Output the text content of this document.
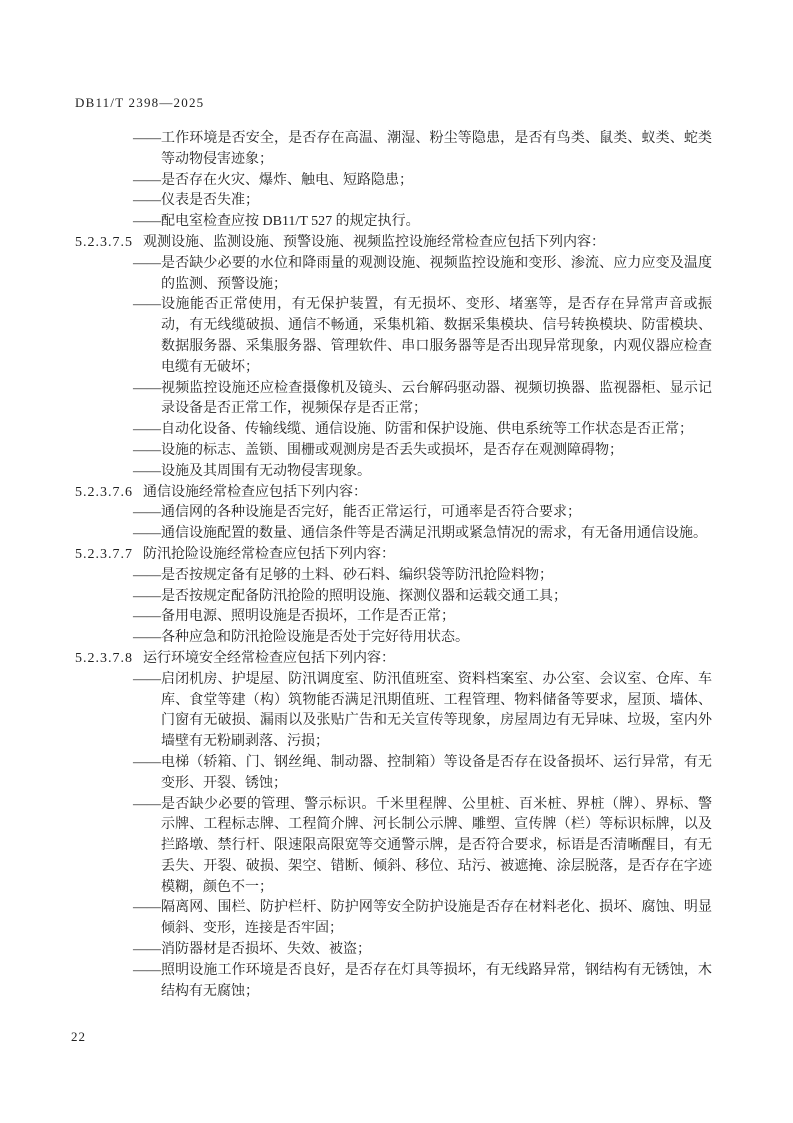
DB11/T 2398—2025
—— 工作环境是否安全，是否存在高温、潮湿、粉尘等隐患，是否有鸟类、鼠类、蚁类、蛇类等动物侵害迹象；
—— 是否存在火灾、爆炸、触电、短路隐患；
—— 仪表是否失准；
—— 配电室检查应按 DB11/T 527 的规定执行。
5.2.3.7.5 观测设施、监测设施、预警设施、视频监控设施经常检查应包括下列内容：
—— 是否缺少必要的水位和降雨量的观测设施、视频监控设施和变形、渗流、应力应变及温度的监测、预警设施；
—— 设施能否正常使用，有无保护装置，有无损坏、变形、堵塞等，是否存在异常声音或振动，有无线缆破损、通信不畅通，采集机箱、数据采集模块、信号转换模块、防雷模块、数据服务器、采集服务器、管理软件、串口服务器等是否出现异常现象，内观仪器应检查电缆有无破坏；
—— 视频监控设施还应检查摄像机及镜头、云台解码驱动器、视频切换器、监视器柜、显示记录设备是否正常工作，视频保存是否正常；
—— 自动化设备、传输线缆、通信设施、防雷和保护设施、供电系统等工作状态是否正常；
—— 设施的标志、盖锁、围栅或观测房是否丢失或损坏，是否存在观测障碍物；
—— 设施及其周围有无动物侵害现象。
5.2.3.7.6 通信设施经常检查应包括下列内容：
—— 通信网的各种设施是否完好，能否正常运行，可通率是否符合要求；
—— 通信设施配置的数量、通信条件等是否满足汛期或紧急情况的需求，有无备用通信设施。
5.2.3.7.7 防汛抢险设施经常检查应包括下列内容：
—— 是否按规定备有足够的土料、砂石料、编织袋等防汛抢险料物；
—— 是否按规定配备防汛抢险的照明设施、探测仪器和运载交通工具；
—— 备用电源、照明设施是否损坏，工作是否正常；
—— 各种应急和防汛抢险设施是否处于完好待用状态。
5.2.3.7.8 运行环境安全经常检查应包括下列内容：
—— 启闭机房、护堤屋、防汛调度室、防汛值班室、资料档案室、办公室、会议室、仓库、车库、食堂等建（构）筑物能否满足汛期值班、工程管理、物料储备等要求，屋顶、墙体、门窗有无破损、漏雨以及张贴广告和无关宣传等现象，房屋周边有无异味、垃圾，室内外墙壁有无粉刷剥落、污损；
—— 电梯（轿箱、门、钢丝绳、制动器、控制箱）等设备是否存在设备损坏、运行异常，有无变形、开裂、锈蚀；
—— 是否缺少必要的管理、警示标识。千米里程牌、公里桩、百米桩、界桩（牌）、界标、警示牌、工程标志牌、工程简介牌、河长制公示牌、雕塑、宣传牌（栏）等标识标牌，以及拦路墩、禁行杆、限速限高限宽等交通警示牌，是否符合要求，标语是否清晰醒目，有无丢失、开裂、破损、架空、错断、倾斜、移位、玷污、被遮掩、涂层脱落，是否存在字迹模糊，颜色不一；
—— 隔离网、围栏、防护栏杆、防护网等安全防护设施是否存在材料老化、损坏、腐蚀、明显倾斜、变形，连接是否牢固；
—— 消防器材是否损坏、失效、被盗；
—— 照明设施工作环境是否良好，是否存在灯具等损坏，有无线路异常，钢结构有无锈蚀，木结构有无腐蚀；
22
